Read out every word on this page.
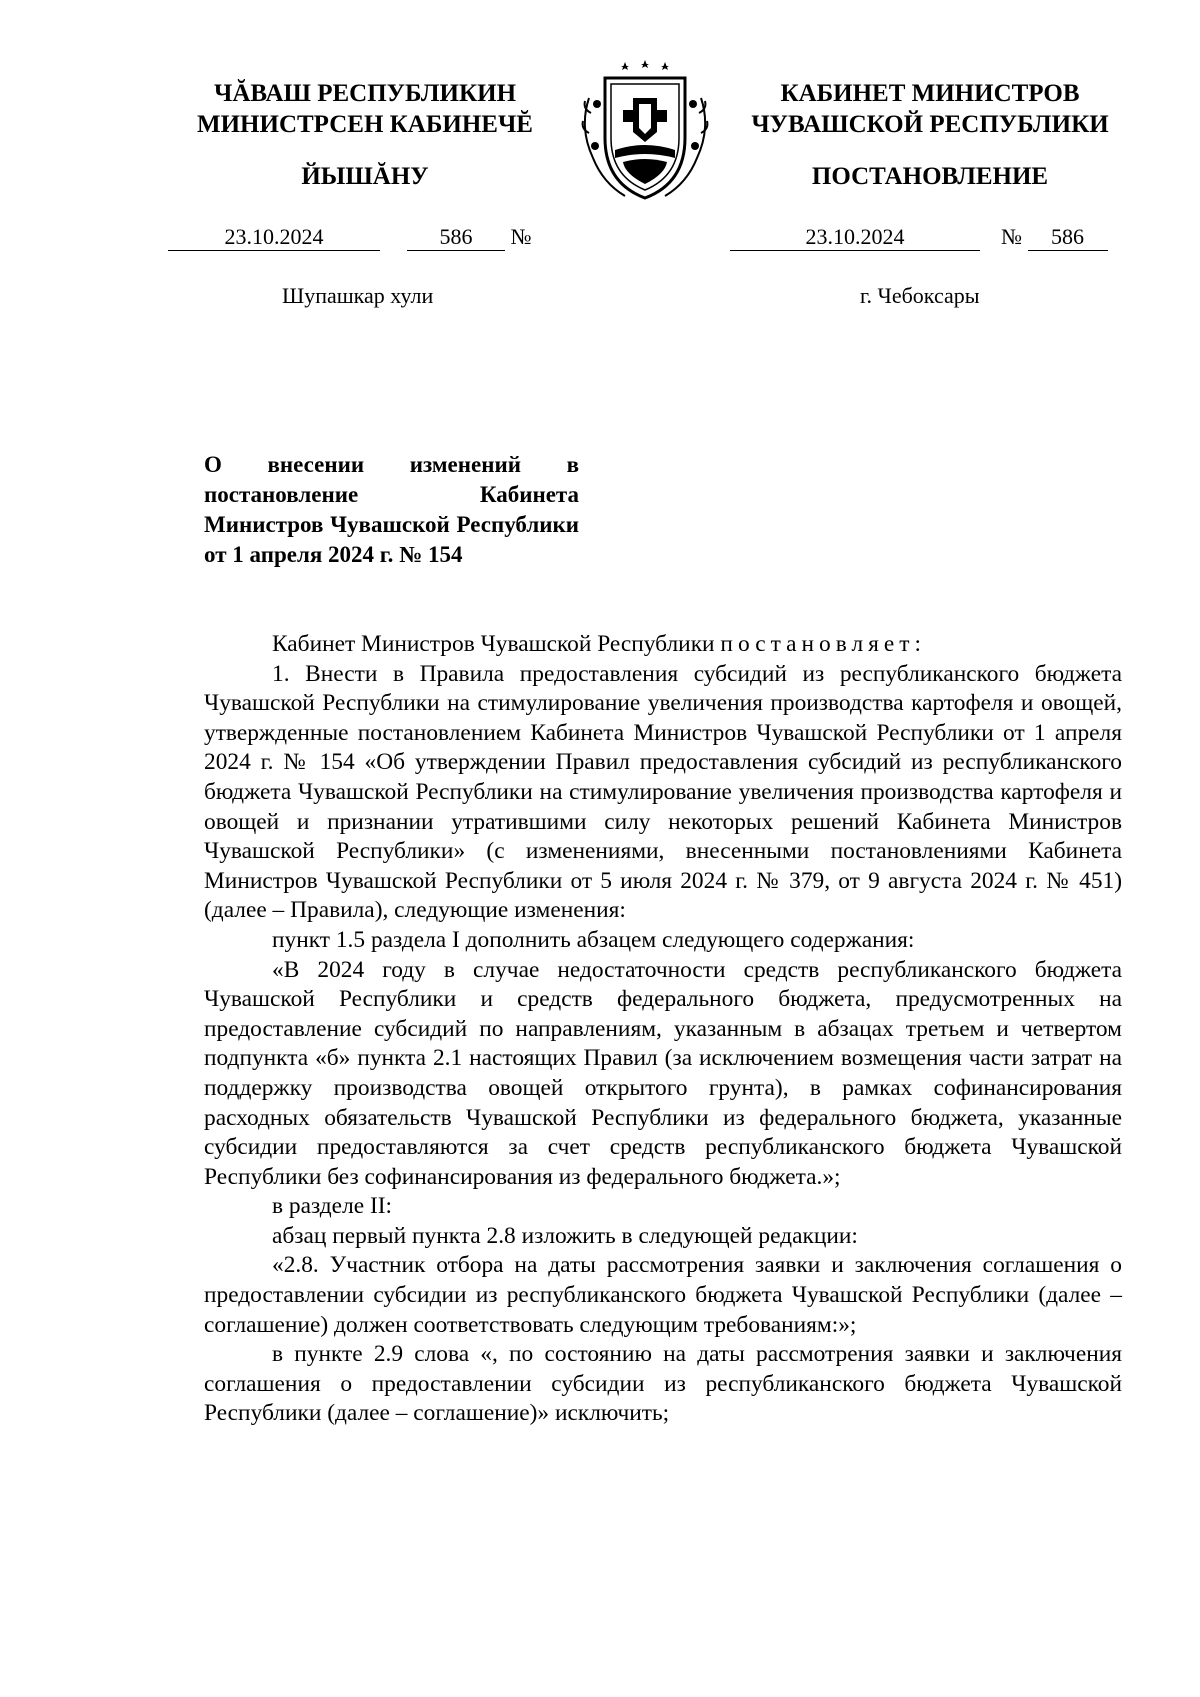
ЧĂВАШ РЕСПУБЛИКИН
МИНИСТРСЕН КАБИНЕЧĔ
ЙЫШĂНУ
КАБИНЕТ МИНИСТРОВ
ЧУВАШСКОЙ РЕСПУБЛИКИ
ПОСТАНОВЛЕНИЕ
23.10.2024	586 №	23.10.2024	№ 586
Шупашкар хули	г. Чебоксары
О внесении изменений в постановление Кабинета Министров Чувашской Республики от 1 апреля 2024 г. № 154

Кабинет Министров Чувашской Республики постановляет:

1. Внести в Правила предоставления субсидий из республиканского бюджета Чувашской Республики на стимулирование увеличения производства картофеля и овощей, утвержденные постановлением Кабинета Министров Чувашской Республики от 1 апреля 2024 г. № 154 «Об утверждении Правил предоставления субсидий из республиканского бюджета Чувашской Республики на стимулирование увеличения производства картофеля и овощей и признании утратившими силу некоторых решений Кабинета Министров Чувашской Республики» (с изменениями, внесенными постановлениями Кабинета Министров Чувашской Республики от 5 июля 2024 г. № 379, от 9 августа 2024 г. № 451) (далее – Правила), следующие изменения:

пункт 1.5 раздела I дополнить абзацем следующего содержания:

«В 2024 году в случае недостаточности средств республиканского бюджета Чувашской Республики и средств федерального бюджета, предусмотренных на предоставление субсидий по направлениям, указанным в абзацах третьем и четвертом подпункта «б» пункта 2.1 настоящих Правил (за исключением возмещения части затрат на поддержку производства овощей открытого грунта), в рамках софинансирования расходных обязательств Чувашской Республики из федерального бюджета, указанные субсидии предоставляются за счет средств республиканского бюджета Чувашской Республики без софинансирования из федерального бюджета.»;

в разделе II:

абзац первый пункта 2.8 изложить в следующей редакции:

«2.8. Участник отбора на даты рассмотрения заявки и заключения соглашения о предоставлении субсидии из республиканского бюджета Чувашской Республики (далее – соглашение) должен соответствовать следующим требованиям:»;

в пункте 2.9 слова «, по состоянию на даты рассмотрения заявки и заключения соглашения о предоставлении субсидии из республиканского бюджета Чувашской Республики (далее – соглашение)» исключить;
